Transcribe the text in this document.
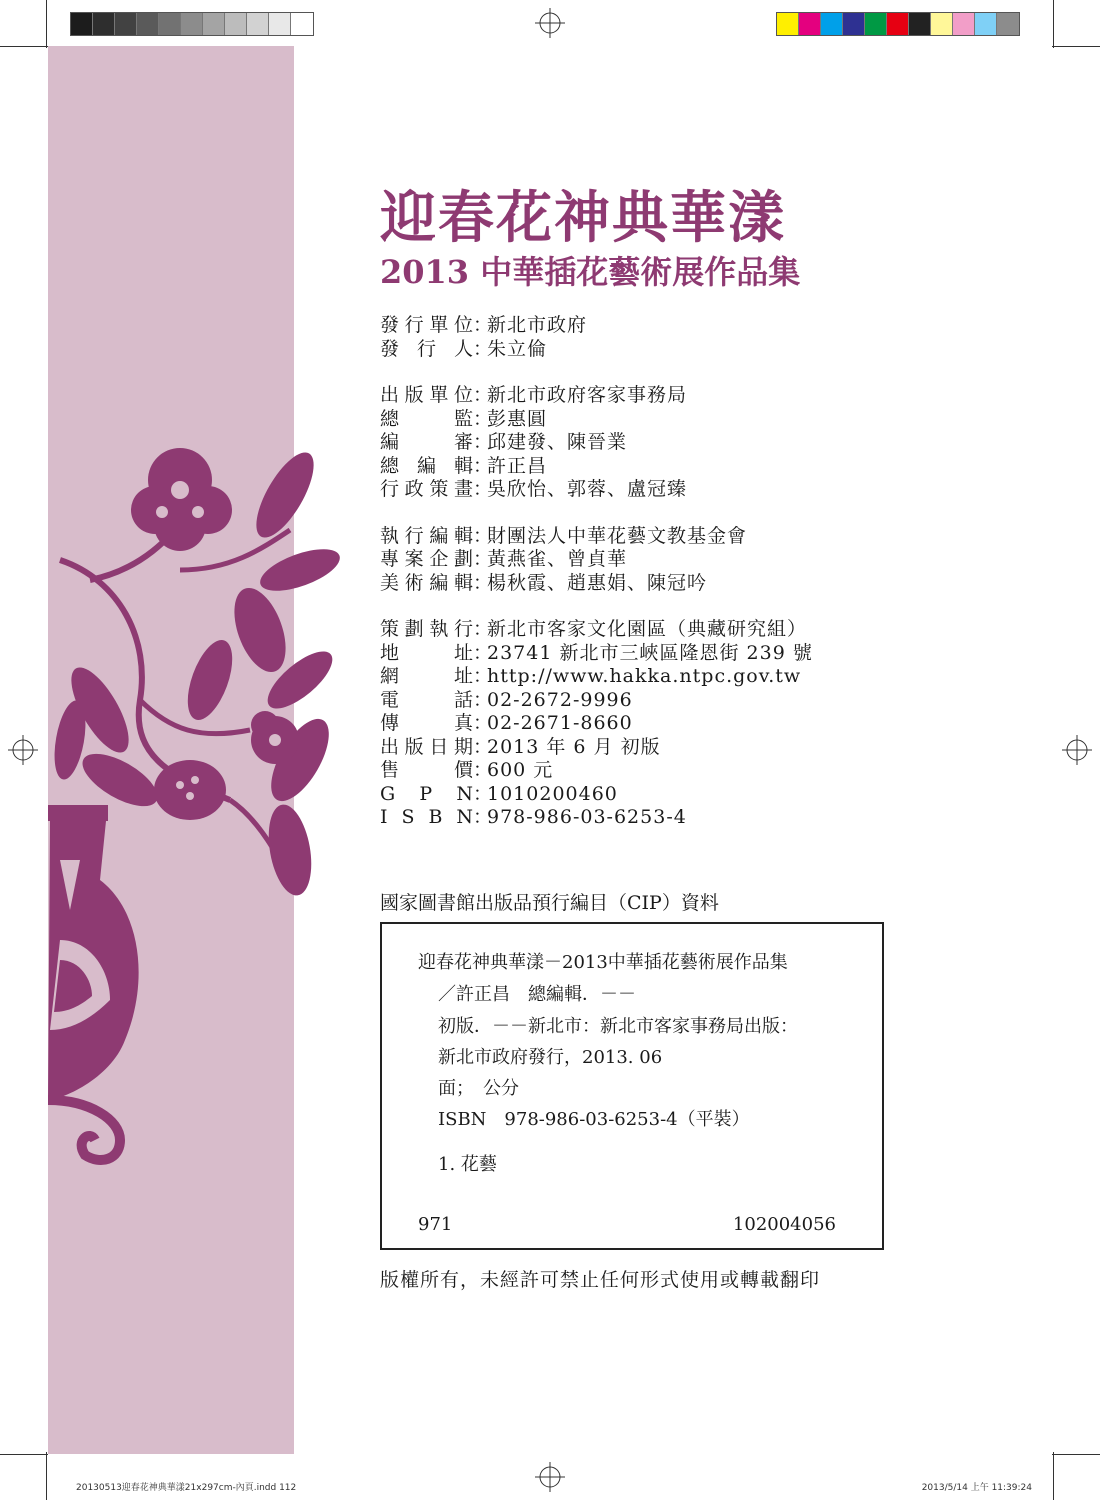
迎春花神典華漾
2013 中華插花藝術展作品集
發 行 單 位 ：
新北市政府
發 行 人 ：
朱立倫
出 版 單 位 ：
新北市政府客家事務局
總	監 ：
彭惠圓
編	審 ：
邱建發、陳晉業
總 編 輯 ：
許正昌
行 政 策 畫 ：
吳欣怡、郭蓉、盧冠臻
執 行 編 輯 ：
財團法人中華花藝文教基金會
專 案 企 劃 ：
黃燕雀、曾貞華
美 術 編 輯 ：
楊秋霞、趙惠娟、陳冠吟
策 劃 執 行 ：
新北市客家文化園區（典藏研究組）
地	址 ：
23741 新北市三峽區隆恩街 239 號
網	址 ：
http://www.hakka.ntpc.gov.tw
電	話 ：
02-2672-9996
傳	真 ：
02-2671-8660
出 版 日 期 ：
2013 年 6 月 初版
售	價 ：
600 元
G P N ：
1010200460
I S B N ：
978-986-03-6253-4

國家圖書館出版品預行編目（CIP）資料

迎春花神典華漾－2013中華插花藝術展作品集
／許正昌　總編輯．－－
初版．－－新北市：新北市客家事務局出版：
新北市政府發行，2013. 06
面；　公分
ISBN　978-986-03-6253-4（平裝）
1. 花藝
971	102004056

版權所有，未經許可禁止任何形式使用或轉載翻印

20130513迎春花神典華漾21x297cm-內頁.indd 112	2013/5/14 上午 11:39:24
